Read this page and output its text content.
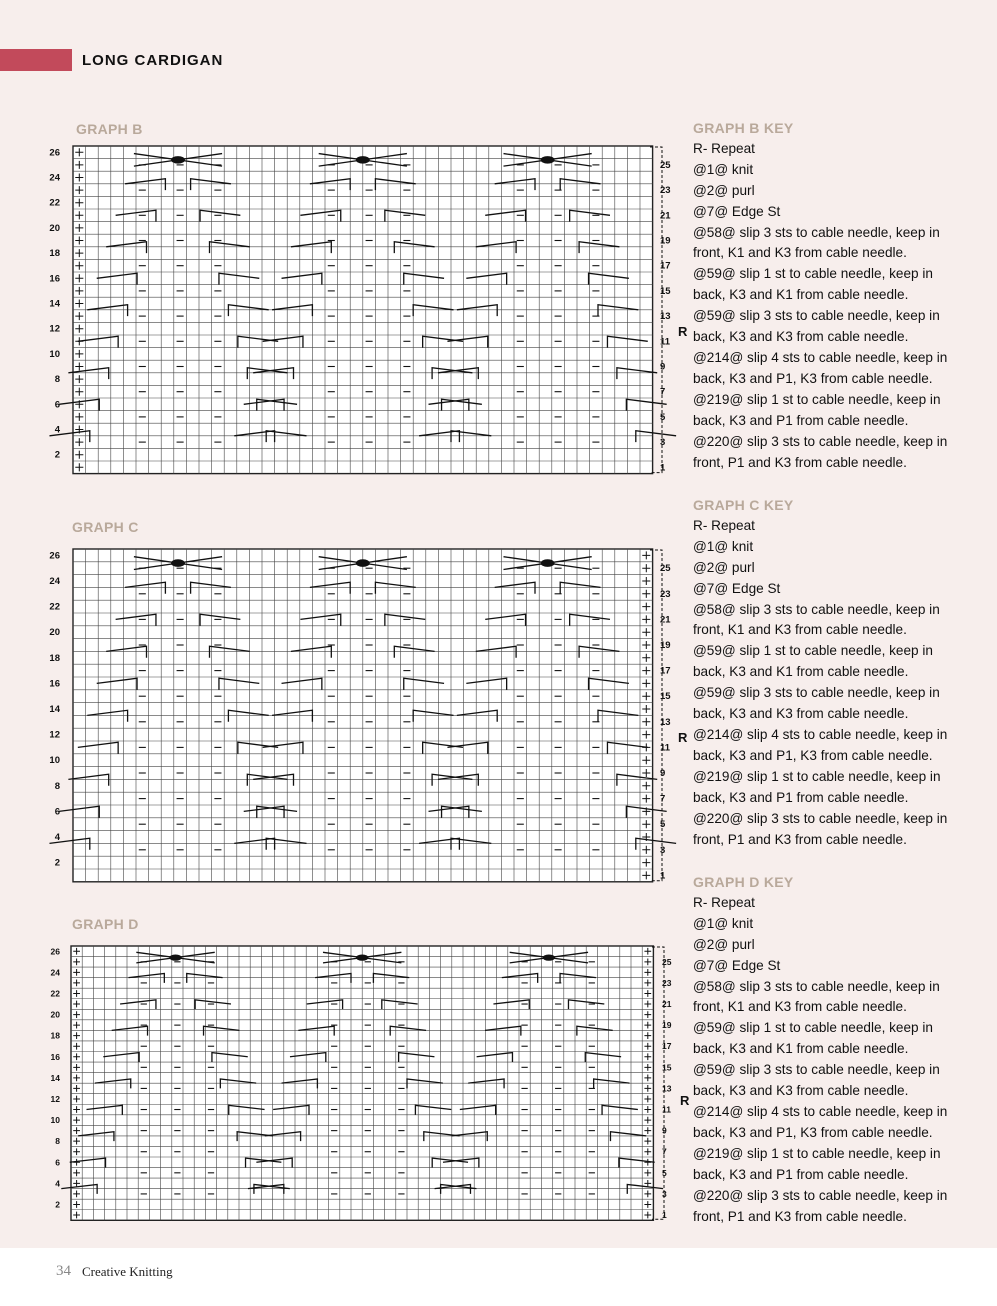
LONG CARDIGAN
GRAPH B
26
24
22
20
18
16
14
12
10
8
6
4
2
25
23
21
19
17
15
13
11
9
7
5
3
1
R
GRAPH C
26
24
22
20
18
16
14
12
10
8
6
4
2
25
23
21
19
17
15
13
11
9
7
5
3
1
R
GRAPH D
26
24
22
20
18
16
14
12
10
8
6
4
2
25
23
21
19
17
15
13
11
9
7
5
3
1
R
GRAPH B KEY
R- Repeat
@1@ knit
@2@ purl
@7@ Edge St
@58@ slip 3 sts to cable needle, keep in
front, K1 and K3 from cable needle.
@59@ slip 1 st to cable needle, keep in
back, K3 and K1 from cable needle.
@59@ slip 3 sts to cable needle, keep in
back, K3 and K3 from cable needle.
@214@ slip 4 sts to cable needle, keep in
back, K3 and P1, K3 from cable needle.
@219@ slip 1 st to cable needle, keep in
back, K3 and P1 from cable needle.
@220@ slip 3 sts to cable needle, keep in
front, P1 and K3 from cable needle.
GRAPH C KEY
R- Repeat
@1@ knit
@2@ purl
@7@ Edge St
@58@ slip 3 sts to cable needle, keep in
front, K1 and K3 from cable needle.
@59@ slip 1 st to cable needle, keep in
back, K3 and K1 from cable needle.
@59@ slip 3 sts to cable needle, keep in
back, K3 and K3 from cable needle.
@214@ slip 4 sts to cable needle, keep in
back, K3 and P1, K3 from cable needle.
@219@ slip 1 st to cable needle, keep in
back, K3 and P1 from cable needle.
@220@ slip 3 sts to cable needle, keep in
front, P1 and K3 from cable needle.
GRAPH D KEY
R- Repeat
@1@ knit
@2@ purl
@7@ Edge St
@58@ slip 3 sts to cable needle, keep in
front, K1 and K3 from cable needle.
@59@ slip 1 st to cable needle, keep in
back, K3 and K1 from cable needle.
@59@ slip 3 sts to cable needle, keep in
back, K3 and K3 from cable needle.
@214@ slip 4 sts to cable needle, keep in
back, K3 and P1, K3 from cable needle.
@219@ slip 1 st to cable needle, keep in
back, K3 and P1 from cable needle.
@220@ slip 3 sts to cable needle, keep in
front, P1 and K3 from cable needle.
34 Creative Knitting
